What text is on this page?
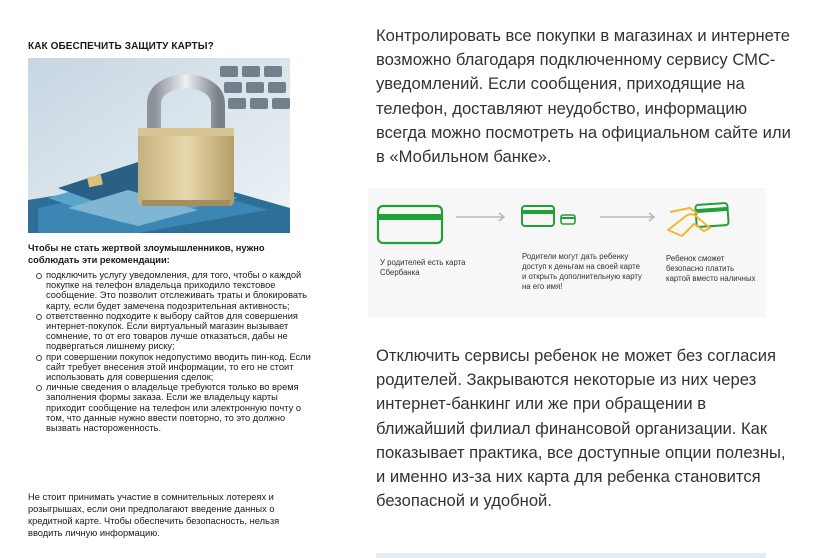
КАК ОБЕСПЕЧИТЬ ЗАЩИТУ КАРТЫ?
Чтобы не стать жертвой злоумышленников, нужно соблюдать эти рекомендации:
подключить услугу уведомления, для того, чтобы о каждой покупке на телефон владельца приходило текстовое сообщение. Это позволит отслеживать траты и блокировать карту, если будет замечена подозрительная активность;
ответственно подходите к выбору сайтов для совершения интернет-покупок. Если виртуальный магазин вызывает сомнение, то от его товаров лучше отказаться, дабы не подвергаться лишнему риску;
при совершении покупок недопустимо вводить пин-код. Если сайт требует внесения этой информации, то его не стоит использовать для совершения сделок;
личные сведения о владельце требуются только во время заполнения формы заказа. Если же владельцу карты приходит сообщение на телефон или электронную почту о том, что данные нужно ввести повторно, то это должно вызвать настороженность.
Не стоит принимать участие в сомнительных лотереях и розыгрышах, если они предполагают введение данных о кредитной карте. Чтобы обеспечить безопасность, нельзя вводить личную информацию.
Контролировать все покупки в магазинах и интернете возможно благодаря подключенному сервису СМС-уведомлений. Если сообщения, приходящие на телефон, доставляют неудобство, информацию всегда можно посмотреть на официальном сайте или в «Мобильном банке».
У родителей есть карта Сбербанка
Родители могут дать ребенку доступ к деньгам на своей карте и открыть дополнительную карту на его имя!
Ребенок сможет безопасно платить картой вместо наличных
Отключить сервисы ребенок не может без согласия родителей. Закрываются некоторые из них через интернет-банкинг или же при обращении в ближайший филиал финансовой организации. Как показывает практика, все доступные опции полезны, и именно из-за них карта для ребенка становится безопасной и удобной.
